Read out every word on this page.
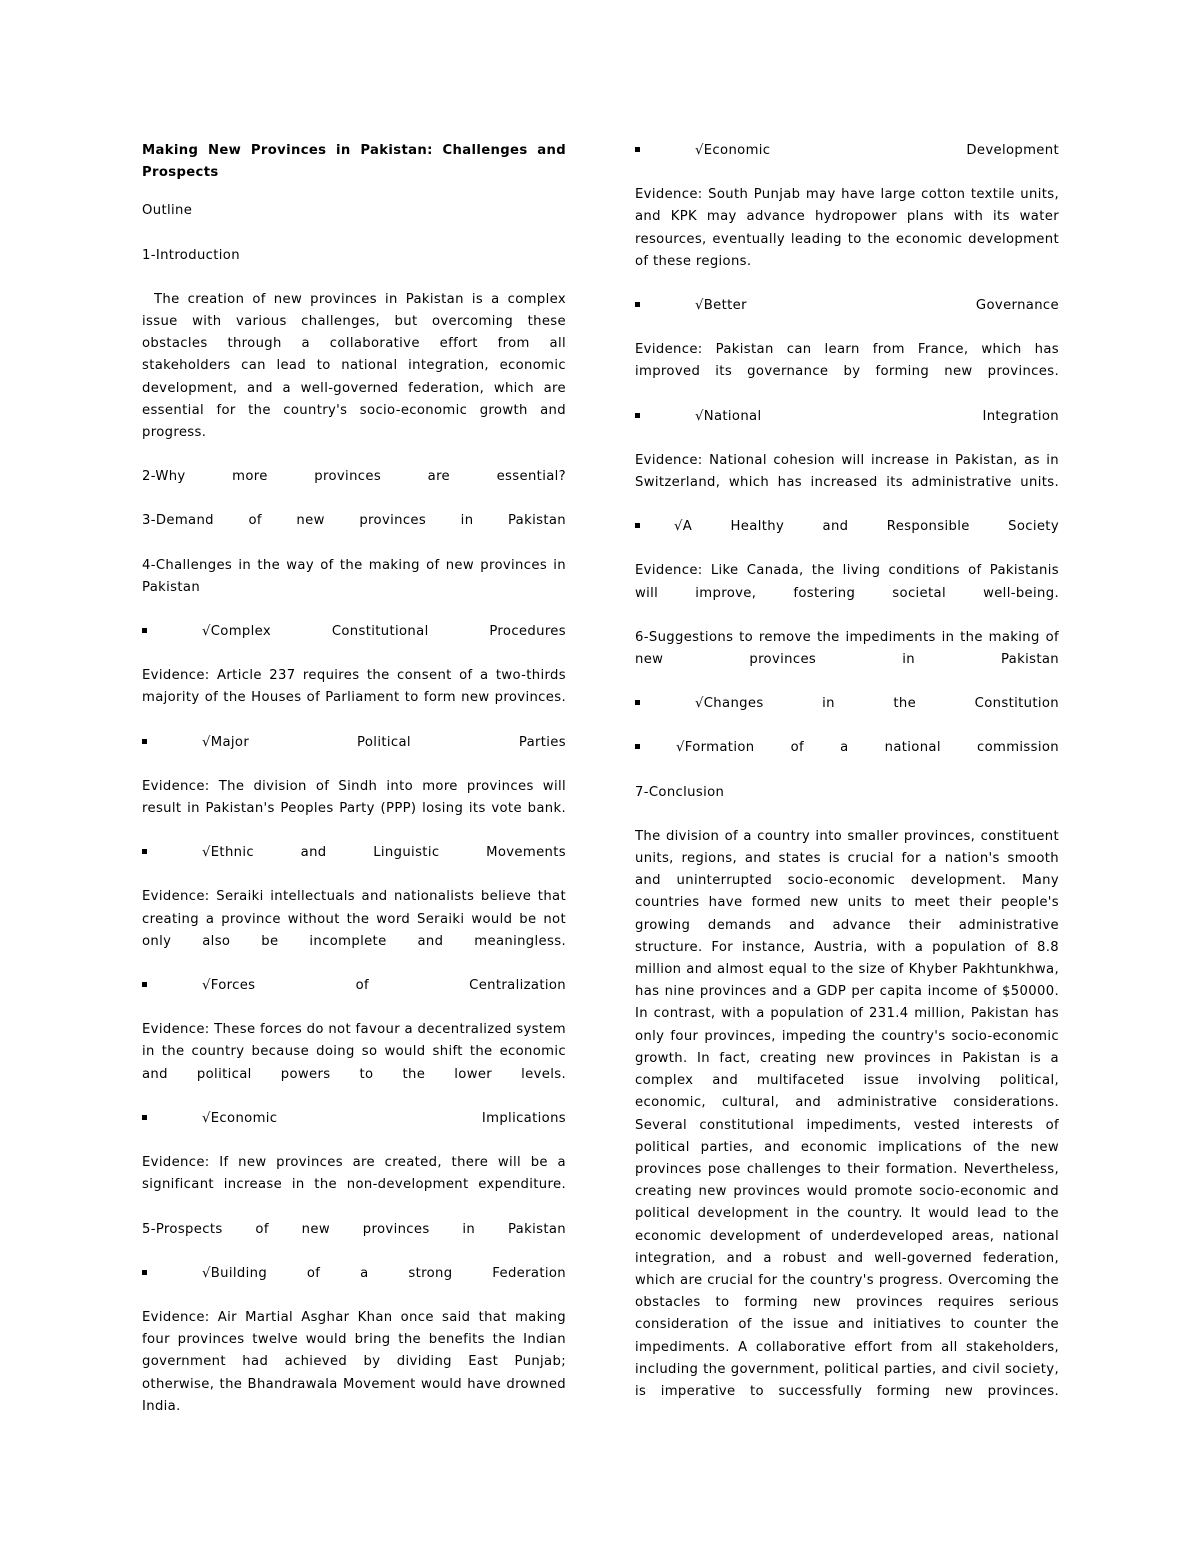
Making New Provinces in Pakistan: Challenges and Prospects

Outline

1-Introduction

The creation of new provinces in Pakistan is a complex issue with various challenges, but overcoming these obstacles through a collaborative effort from all stakeholders can lead to national integration, economic development, and a well-governed federation, which are essential for the country's socio-economic growth and progress.

2-Why more provinces are essential?

3-Demand of new provinces in Pakistan

4-Challenges in the way of the making of new provinces in Pakistan

√Complex Constitutional Procedures

Evidence: Article 237 requires the consent of a two-thirds majority of the Houses of Parliament to form new provinces.

√Major Political Parties

Evidence: The division of Sindh into more provinces will result in Pakistan's Peoples Party (PPP) losing its vote bank.

√Ethnic and Linguistic Movements

Evidence: Seraiki intellectuals and nationalists believe that creating a province without the word Seraiki would be not only also be incomplete and meaningless.

√Forces of Centralization

Evidence: These forces do not favour a decentralized system in the country because doing so would shift the economic and political powers to the lower levels.

√Economic Implications

Evidence: If new provinces are created, there will be a significant increase in the non-development expenditure.

5-Prospects of new provinces in Pakistan

√Building of a strong Federation

Evidence: Air Martial Asghar Khan once said that making four provinces twelve would bring the benefits the Indian government had achieved by dividing East Punjab; otherwise, the Bhandrawala Movement would have drowned India.

√Economic Development

Evidence: South Punjab may have large cotton textile units, and KPK may advance hydropower plans with its water resources, eventually leading to the economic development of these regions.

√Better Governance

Evidence: Pakistan can learn from France, which has improved its governance by forming new provinces.

√National Integration

Evidence: National cohesion will increase in Pakistan, as in Switzerland, which has increased its administrative units.

√A Healthy and Responsible Society

Evidence: Like Canada, the living conditions of Pakistanis will improve, fostering societal well-being.

6-Suggestions to remove the impediments in the making of new provinces in Pakistan

√Changes in the Constitution
√Formation of a national commission

7-Conclusion

The division of a country into smaller provinces, constituent units, regions, and states is crucial for a nation's smooth and uninterrupted socio-economic development. Many countries have formed new units to meet their people's growing demands and advance their administrative structure. For instance, Austria, with a population of 8.8 million and almost equal to the size of Khyber Pakhtunkhwa, has nine provinces and a GDP per capita income of $50000. In contrast, with a population of 231.4 million, Pakistan has only four provinces, impeding the country's socio-economic growth. In fact, creating new provinces in Pakistan is a complex and multifaceted issue involving political, economic, cultural, and administrative considerations. Several constitutional impediments, vested interests of political parties, and economic implications of the new provinces pose challenges to their formation. Nevertheless, creating new provinces would promote socio-economic and political development in the country. It would lead to the economic development of underdeveloped areas, national integration, and a robust and well-governed federation, which are crucial for the country's progress. Overcoming the obstacles to forming new provinces requires serious consideration of the issue and initiatives to counter the impediments. A collaborative effort from all stakeholders, including the government, political parties, and civil society, is imperative to successfully forming new provinces.
